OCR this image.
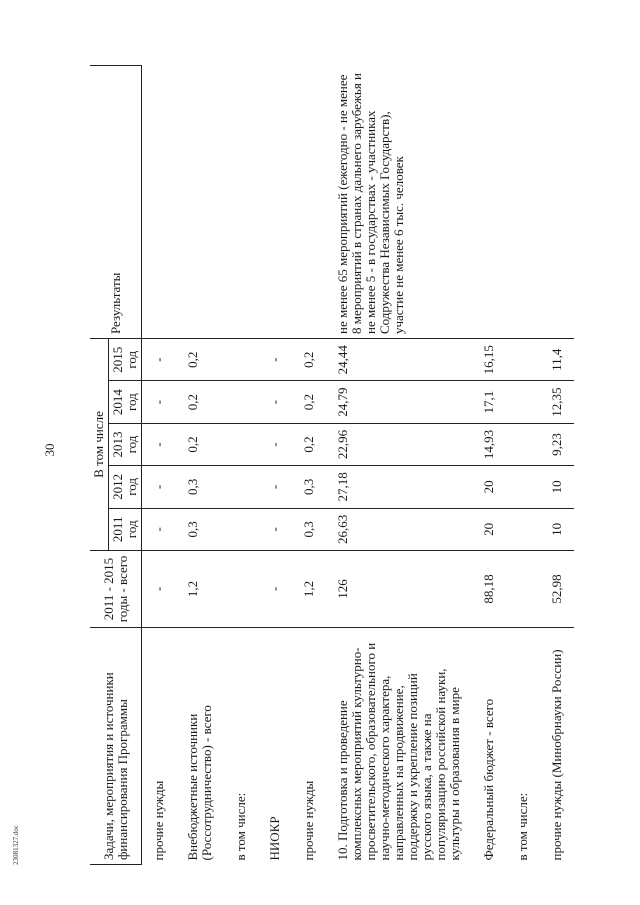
30
23081327.doc	Задачи, мероприятия и источники финансирования Программы	2011 - 2015 годы - всего	В том числе					Результаты
		2011 год	2012 год	2013 год	2014 год	2015 год	
прочие нужды	-	-	-	-	-	-	
Внебюджетные источники (Россотрудничество) - всего	1,2	0,3	0,3	0,2	0,2	0,2	
в том числе:							
НИОКР	-	-	-	-	-	-	
прочие нужды	1,2	0,3	0,3	0,2	0,2	0,2	
10. Подготовка и проведение комплексных мероприятий культурно-просветительского, образовательного и научно-методического характера, направленных на продвижение, поддержку и укрепление позиций русского языка, а также на популяризацию российской науки, культуры и образования в мире	126	26,63	27,18	22,96	24,79	24,44	не менее 65 мероприятий (ежегодно - не менее 8 мероприятий в странах дальнего зарубежья и не менее 5 - в государствах - участниках Содружества Независимых Государств), участие не менее 6 тыс. человек
Федеральный бюджет - всего	88,18	20	20	14,93	17,1	16,15	
в том числе:							
прочие нужды (Минобрнауки России)	52,98	10	10	9,23	12,35	11,4	
